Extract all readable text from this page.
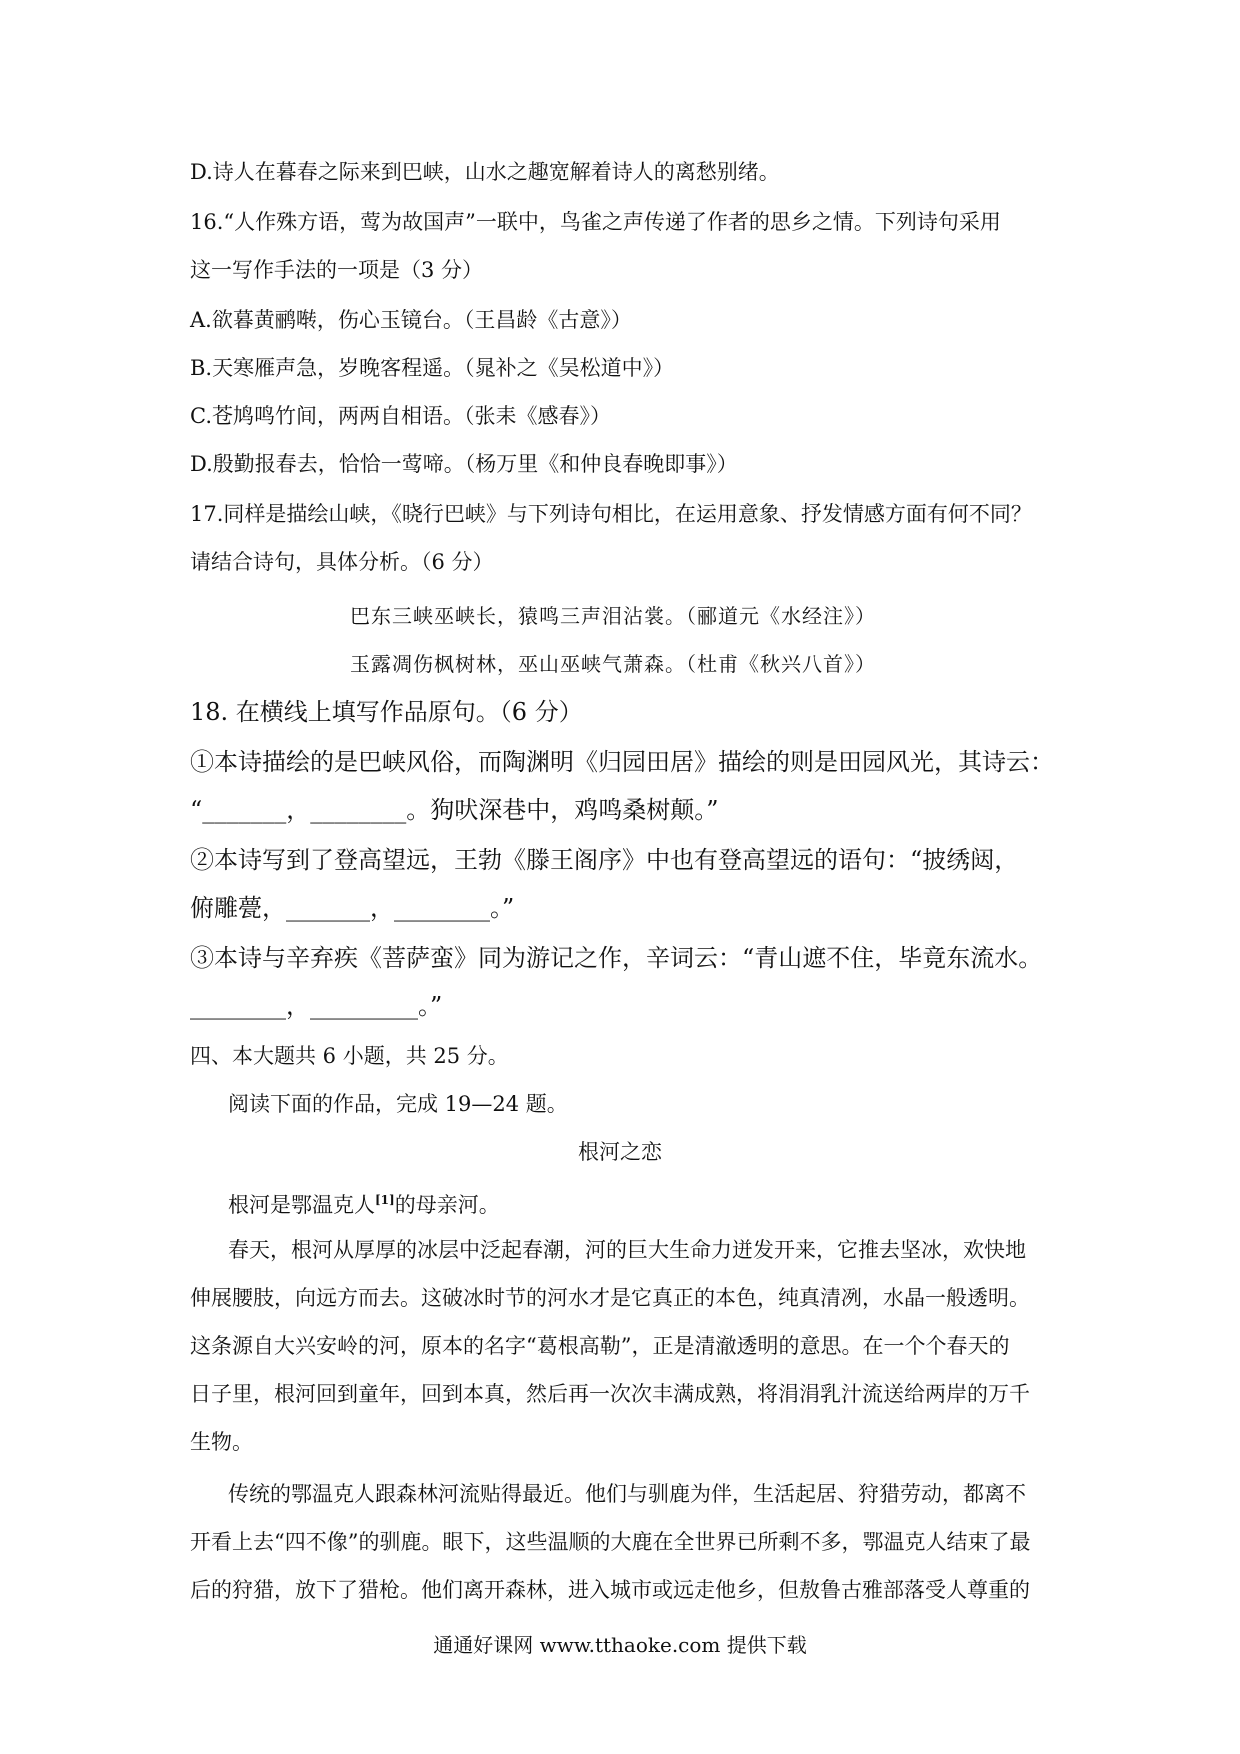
D.诗人在暮春之际来到巴峡，山水之趣宽解着诗人的离愁别绪。
16.“人作殊方语，莺为故国声”一联中，鸟雀之声传递了作者的思乡之情。下列诗句采用
这一写作手法的一项是（3 分）
A.欲暮黄鹂啭，伤心玉镜台。（王昌龄《古意》）
B.天寒雁声急，岁晚客程遥。（晁补之《吴松道中》）
C.苍鸠鸣竹间，两两自相语。（张耒《感春》）
D.殷勤报春去，恰恰一莺啼。（杨万里《和仲良春晚即事》）
17.同样是描绘山峡，《晓行巴峡》与下列诗句相比，在运用意象、抒发情感方面有何不同？
请结合诗句，具体分析。（6 分）
巴东三峡巫峡长，猿鸣三声泪沾裳。（郦道元《水经注》）
玉露凋伤枫树林，巫山巫峡气萧森。（杜甫《秋兴八首》）
18. 在横线上填写作品原句。（6 分）
①本诗描绘的是巴峡风俗，而陶渊明《归园田居》描绘的则是田园风光，其诗云：
“_______，________。狗吠深巷中，鸡鸣桑树颠。”
②本诗写到了登高望远，王勃《滕王阁序》中也有登高望远的语句：“披绣闼，
俯雕甍，_______，________。”
③本诗与辛弃疾《菩萨蛮》同为游记之作，辛词云：“青山遮不住，毕竟东流水。
________，_________。”
四、本大题共 6 小题，共 25 分。
阅读下面的作品，完成 19—24 题。
根河之恋
根河是鄂温克人[1]的母亲河。
春天，根河从厚厚的冰层中泛起春潮，河的巨大生命力迸发开来，它推去坚冰，欢快地
伸展腰肢，向远方而去。这破冰时节的河水才是它真正的本色，纯真清冽，水晶一般透明。
这条源自大兴安岭的河，原本的名字“葛根高勒”，正是清澈透明的意思。在一个个春天的
日子里，根河回到童年，回到本真，然后再一次次丰满成熟，将涓涓乳汁流送给两岸的万千
生物。
传统的鄂温克人跟森林河流贴得最近。他们与驯鹿为伴，生活起居、狩猎劳动，都离不
开看上去“四不像”的驯鹿。眼下，这些温顺的大鹿在全世界已所剩不多，鄂温克人结束了最
后的狩猎，放下了猎枪。他们离开森林，进入城市或远走他乡，但敖鲁古雅部落受人尊重的
通通好课网 www.tthaoke.com 提供下载
